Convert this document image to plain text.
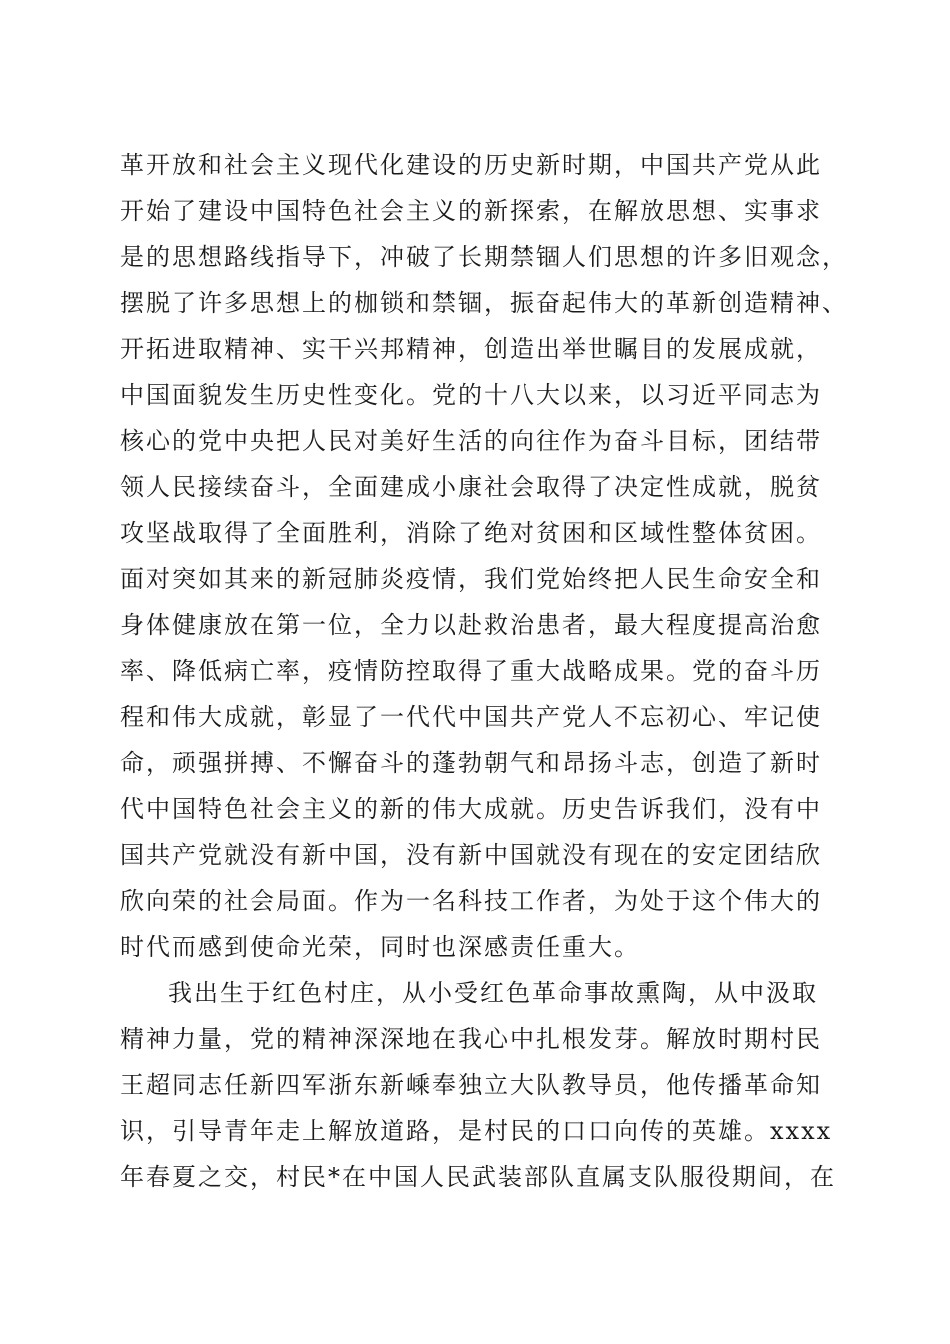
革开放和社会主义现代化建设的历史新时期，中国共产党从此
开始了建设中国特色社会主义的新探索，在解放思想、实事求
是的思想路线指导下，冲破了长期禁锢人们思想的许多旧观念，
摆脱了许多思想上的枷锁和禁锢，振奋起伟大的革新创造精神、
开拓进取精神、实干兴邦精神，创造出举世瞩目的发展成就，
中国面貌发生历史性变化。党的十八大以来，以习近平同志为
核心的党中央把人民对美好生活的向往作为奋斗目标，团结带
领人民接续奋斗，全面建成小康社会取得了决定性成就，脱贫
攻坚战取得了全面胜利，消除了绝对贫困和区域性整体贫困。
面对突如其来的新冠肺炎疫情，我们党始终把人民生命安全和
身体健康放在第一位，全力以赴救治患者，最大程度提高治愈
率、降低病亡率，疫情防控取得了重大战略成果。党的奋斗历
程和伟大成就，彰显了一代代中国共产党人不忘初心、牢记使
命，顽强拼搏、不懈奋斗的蓬勃朝气和昂扬斗志，创造了新时
代中国特色社会主义的新的伟大成就。历史告诉我们，没有中
国共产党就没有新中国，没有新中国就没有现在的安定团结欣
欣向荣的社会局面。作为一名科技工作者，为处于这个伟大的
时代而感到使命光荣，同时也深感责任重大。
我出生于红色村庄，从小受红色革命事故熏陶，从中汲取
精神力量，党的精神深深地在我心中扎根发芽。解放时期村民
王超同志任新四军浙东新嵊奉独立大队教导员，他传播革命知
识，引导青年走上解放道路，是村民的口口向传的英雄。xxxx
年春夏之交，村民*在中国人民武装部队直属支队服役期间，在
